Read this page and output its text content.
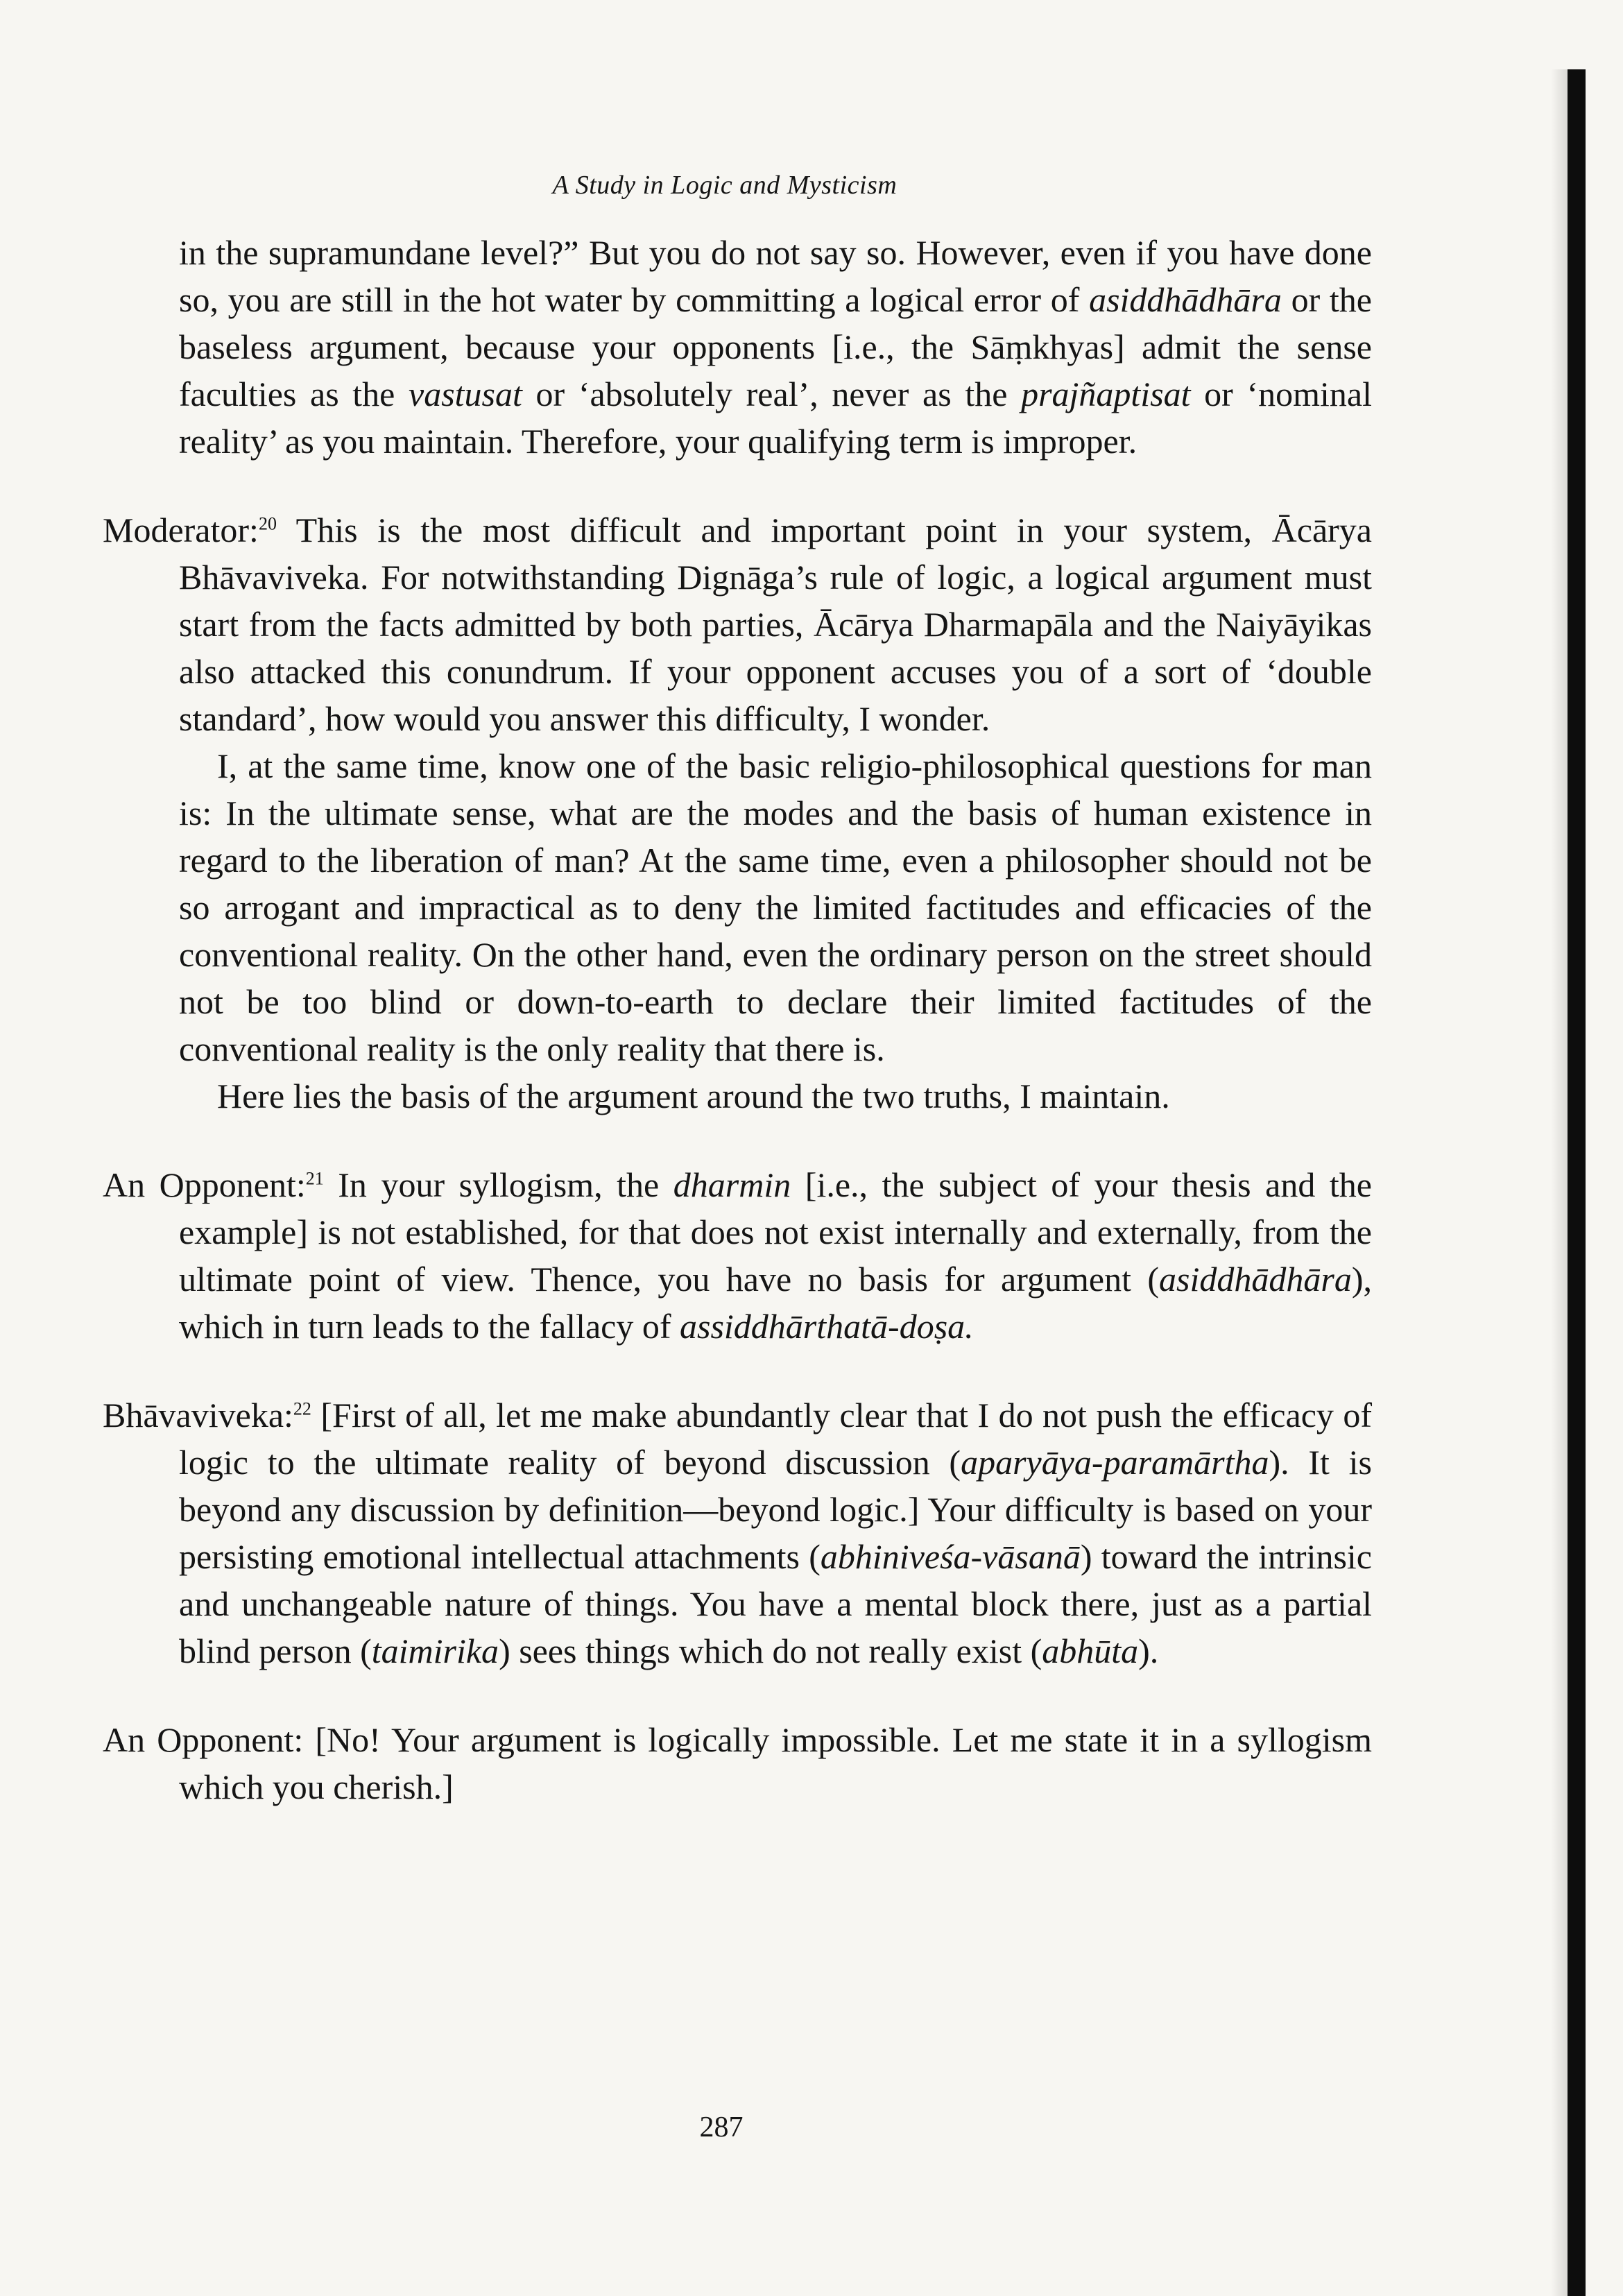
A Study in Logic and Mysticism

in the supramundane level?” But you do not say so. However, even if you have done so, you are still in the hot water by committing a logical error of asiddhādhāra or the baseless argument, because your opponents [i.e., the Sāṃkhyas] admit the sense faculties as the vastusat or ‘absolutely real’, never as the prajñaptisat or ‘nominal reality’ as you maintain. Therefore, your qualifying term is improper.

Moderator:$^{20}$ This is the most difficult and important point in your system, Ācārya Bhāvaviveka. For notwithstanding Dignāga’s rule of logic, a logical argument must start from the facts admitted by both parties, Ācārya Dharmapāla and the Naiyāyikas also attacked this conundrum. If your opponent accuses you of a sort of ‘double standard’, how would you answer this difficulty, I wonder.

I, at the same time, know one of the basic religio-philosophical questions for man is: In the ultimate sense, what are the modes and the basis of human existence in regard to the liberation of man? At the same time, even a philosopher should not be so arrogant and impractical as to deny the limited factitudes and efficacies of the conventional reality. On the other hand, even the ordinary person on the street should not be too blind or down-to-earth to declare their limited factitudes of the conventional reality is the only reality that there is.

Here lies the basis of the argument around the two truths, I maintain.

An Opponent:$^{21}$ In your syllogism, the dharmin [i.e., the subject of your thesis and the example] is not established, for that does not exist internally and externally, from the ultimate point of view. Thence, you have no basis for argument (asiddhādhāra), which in turn leads to the fallacy of assiddhārthatā-doṣa.

Bhāvaviveka:$^{22}$ [First of all, let me make abundantly clear that I do not push the efficacy of logic to the ultimate reality of beyond discussion (aparyāya-paramārtha). It is beyond any discussion by definition—beyond logic.] Your difficulty is based on your persisting emotional intellectual attachments (abhiniveśa-vāsanā) toward the intrinsic and unchangeable nature of things. You have a mental block there, just as a partial blind person (taimirika) sees things which do not really exist (abhūta).

An Opponent: [No! Your argument is logically impossible. Let me state it in a syllogism which you cherish.]

287
